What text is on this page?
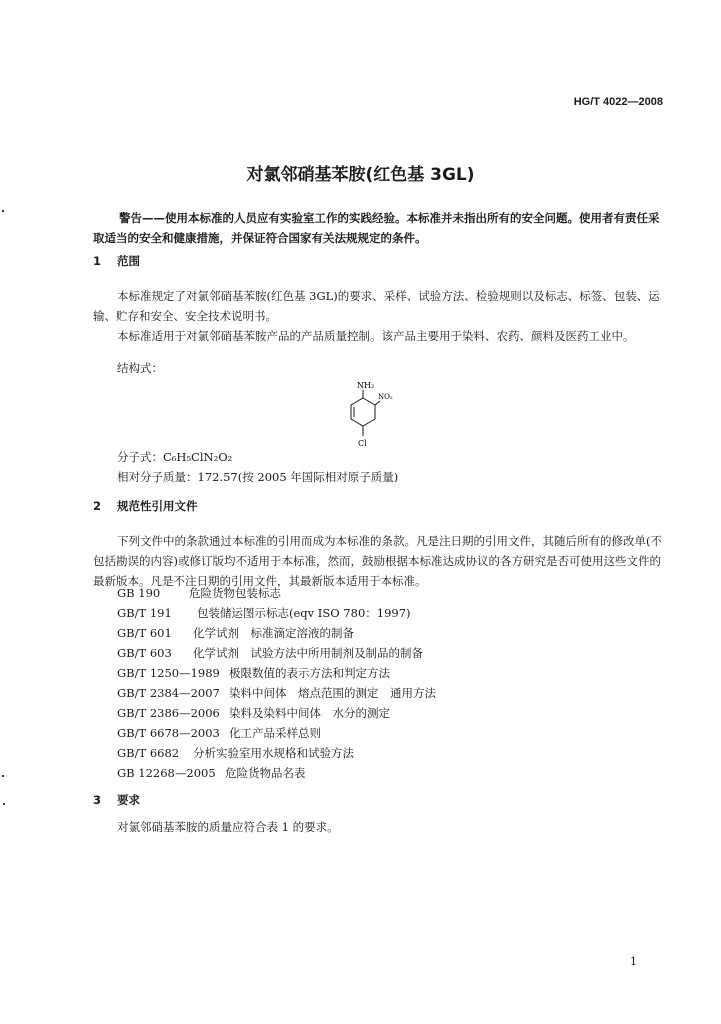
HG/T 4022—2008
对氯邻硝基苯胺(红色基 3GL)
警告——使用本标准的人员应有实验室工作的实践经验。本标准并未指出所有的安全问题。使用者有责任采取适当的安全和健康措施，并保证符合国家有关法规规定的条件。
1 范围
本标准规定了对氯邻硝基苯胺(红色基 3GL)的要求、采样、试验方法、检验规则以及标志、标签、包装、运输、贮存和安全、安全技术说明书。
本标准适用于对氯邻硝基苯胺产品的产品质量控制。该产品主要用于染料、农药、颜料及医药工业中。
结构式：
NH₂
NO₂
Cl
分子式：C₆H₅ClN₂O₂
相对分子质量：172.57(按 2005 年国际相对原子质量)
2 规范性引用文件
下列文件中的条款通过本标准的引用而成为本标准的条款。凡是注日期的引用文件，其随后所有的修改单(不包括勘误的内容)或修订版均不适用于本标准，然而，鼓励根据本标准达成协议的各方研究是否可使用这些文件的最新版本。凡是不注日期的引用文件，其最新版本适用于本标准。
GB 190	危险货物包装标志
GB/T 191 包装储运图示标志(eqv ISO 780：1997)
GB/T 601 化学试剂　标准滴定溶液的制备
GB/T 603 化学试剂　试验方法中所用制剂及制品的制备
GB/T 1250—1989 极限数值的表示方法和判定方法
GB/T 2384—2007 染料中间体　熔点范围的测定　通用方法
GB/T 2386—2006 染料及染料中间体　水分的测定
GB/T 6678—2003 化工产品采样总则
GB/T 6682 分析实验室用水规格和试验方法
GB 12268—2005 危险货物品名表
3 要求
对氯邻硝基苯胺的质量应符合表 1 的要求。
1
